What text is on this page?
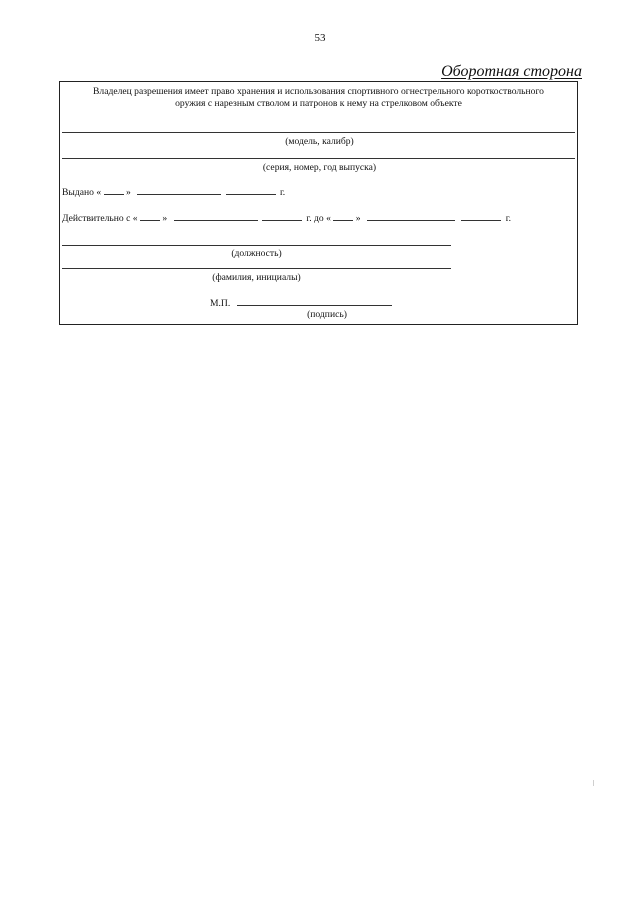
53
Оборотная сторона
Владелец разрешения имеет право хранения и использования спортивного огнестрельного короткоствольного
оружия с нарезным стволом и патронов к нему на стрелковом объекте
(модель, калибр)
(серия, номер, год выпуска)
Выдано «	»	г.
Действительно с «	»	г. до «	»	г.
(должность)
(фамилия, инициалы)
М.П.
(подпись)
